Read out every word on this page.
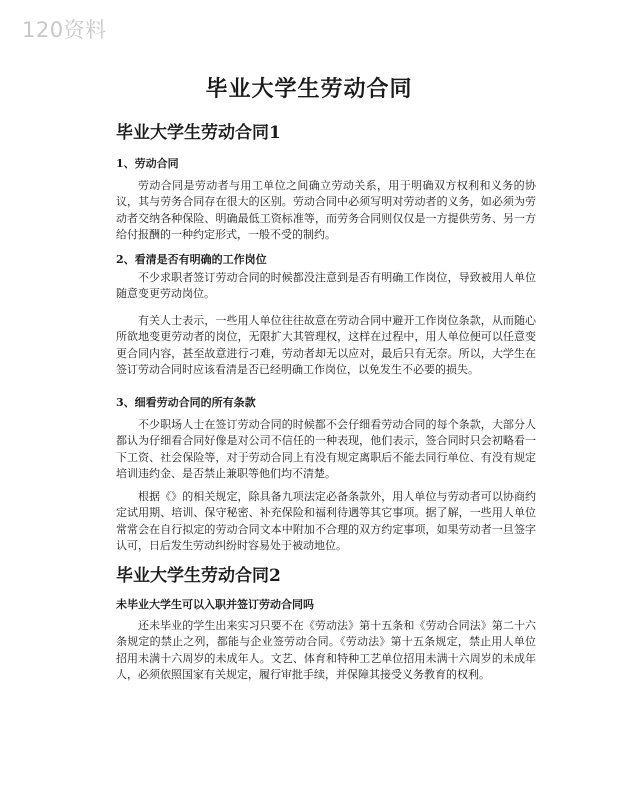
120资料
毕业大学生劳动合同
毕业大学生劳动合同1
1、劳动合同

劳动合同是劳动者与用工单位之间确立劳动关系，用于明确双方权利和义务的协议，其与劳务合同存在很大的区别。劳动合同中必须写明对劳动者的义务，如必须为劳动者交纳各种保险、明确最低工资标准等，而劳务合同则仅仅是一方提供劳务、另一方给付报酬的一种约定形式，一般不受的制约。

2、看清是否有明确的工作岗位

不少求职者签订劳动合同的时候都没注意到是否有明确工作岗位，导致被用人单位随意变更劳动岗位。

有关人士表示，一些用人单位往往故意在劳动合同中避开工作岗位条款，从而随心所欲地变更劳动者的岗位，无限扩大其管理权，这样在过程中，用人单位便可以任意变更合同内容，甚至故意进行刁难，劳动者却无以应对，最后只有无奈。所以，大学生在签订劳动合同时应该看清是否已经明确工作岗位，以免发生不必要的损失。

3、细看劳动合同的所有条款

不少职场人士在签订劳动合同的时候都不会仔细看劳动合同的每个条款，大部分人都认为仔细看合同好像是对公司不信任的一种表现，他们表示，签合同时只会初略看一下工资、社会保险等，对于劳动合同上有没有规定离职后不能去同行单位、有没有规定培训违约金、是否禁止兼职等他们均不清楚。

根据《》的相关规定，除具备九项法定必备条款外，用人单位与劳动者可以协商约定试用期、培训、保守秘密、补充保险和福利待遇等其它事项。据了解，一些用人单位常常会在自行拟定的劳动合同文本中附加不合理的双方约定事项，如果劳动者一旦签字认可，日后发生劳动纠纷时容易处于被动地位。

毕业大学生劳动合同2
未毕业大学生可以入职并签订劳动合同吗

还未毕业的学生出来实习只要不在《劳动法》第十五条和《劳动合同法》第二十六条规定的禁止之列，都能与企业签劳动合同。《劳动法》第十五条规定，禁止用人单位招用未满十六周岁的未成年人。文艺、体育和特种工艺单位招用未满十六周岁的未成年人，必须依照国家有关规定，履行审批手续，并保障其接受义务教育的权利。
